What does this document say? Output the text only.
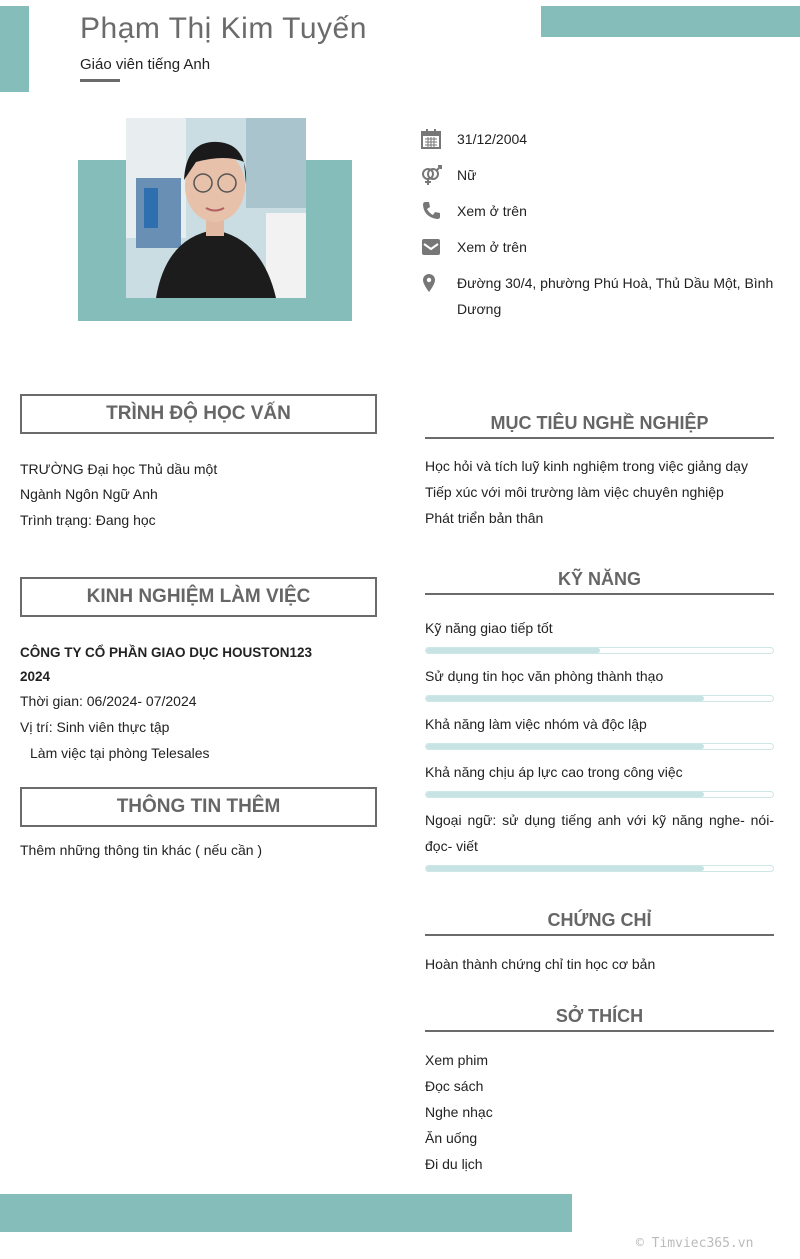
Phạm Thị Kim Tuyến
Giáo viên tiếng Anh
31/12/2004
Nữ
Xem ở trên
Xem ở trên
Đường 30/4, phường Phú Hoà, Thủ Dầu Một, Bình
Dương
TRÌNH ĐỘ HỌC VẤN
TRƯỜNG Đại học Thủ dầu một
Ngành Ngôn Ngữ Anh
Trình trạng: Đang học
KINH NGHIỆM LÀM VIỆC
CÔNG TY CỔ PHẦN GIAO DỤC HOUSTON123
2024
Thời gian: 06/2024- 07/2024
Vị trí: Sinh viên thực tập
Làm việc tại phòng Telesales
THÔNG TIN THÊM
Thêm những thông tin khác ( nếu cần )
MỤC TIÊU NGHỀ NGHIỆP
Học hỏi và tích luỹ kinh nghiệm trong việc giảng dạy
Tiếp xúc với môi trường làm việc chuyên nghiệp
Phát triển bản thân
KỸ NĂNG
Kỹ năng giao tiếp tốt
Sử dụng tin học văn phòng thành thạo
Khả năng làm việc nhóm và độc lập
Khả năng chịu áp lực cao trong công việc
Ngoại ngữ: sử dụng tiếng anh với kỹ năng nghe- nói-
đọc- viết
CHỨNG CHỈ
Hoàn thành chứng chỉ tin học cơ bản
SỞ THÍCH
Xem phim
Đọc sách
Nghe nhạc
Ăn uống
Đi du lịch
© Timviec365.vn
